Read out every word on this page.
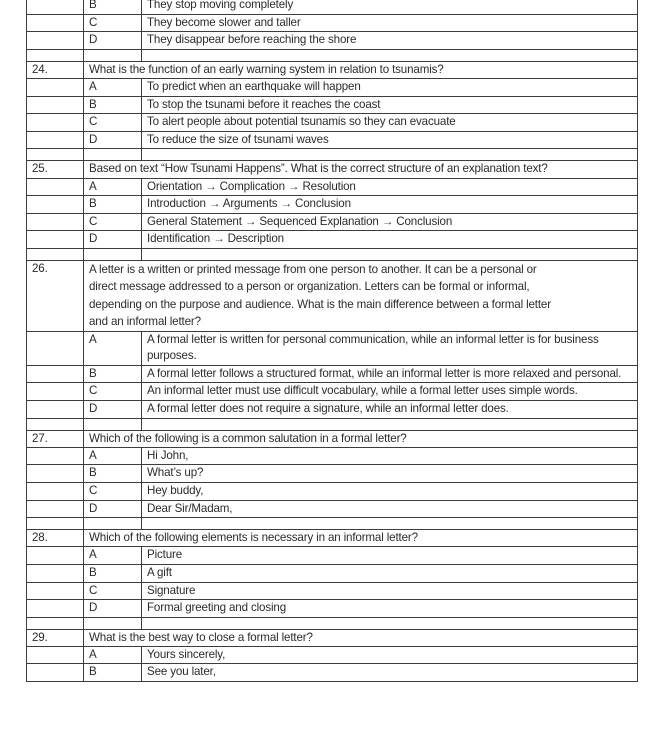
	B	They stop moving completely

	C	They become slower and taller

	D	They disappear before reaching the shore

24.	What is the function of an early warning system in relation to tsunamis?	
	A	To predict when an earthquake will happen

	B	To stop the tsunami before it reaches the coast

	C	To alert people about potential tsunamis so they can evacuate

	D	To reduce the size of tsunami waves

25.	Based on text “How Tsunami Happens”. What is the correct structure of an explanation text?	
	A	Orientation → Complication → Resolution

	B	Introduction → Arguments → Conclusion

	C	General Statement → Sequenced Explanation → Conclusion

	D	Identification → Description

26.	A letter is a written or printed message from one person to another. It can be a personal or
direct message addressed to a person or organization. Letters can be formal or informal,
depending on the purpose and audience. What is the main difference between a formal letter
and an informal letter?	

	A	A formal letter is written for personal communication, while an informal letter is for business purposes.

	B	A formal letter follows a structured format, while an informal letter is more relaxed and personal.

	C	An informal letter must use difficult vocabulary, while a formal letter uses simple words.

	D	A formal letter does not require a signature, while an informal letter does.

27.	Which of the following is a common salutation in a formal letter?	
	A	Hi John,

	B	What’s up?

	C	Hey buddy,

	D	Dear Sir/Madam,

28.	Which of the following elements is necessary in an informal letter?	
	A	Picture

	B	A gift

	C	Signature

	D	Formal greeting and closing

29.	What is the best way to close a formal letter?	
	A	Yours sincerely,

	B	See you later,
